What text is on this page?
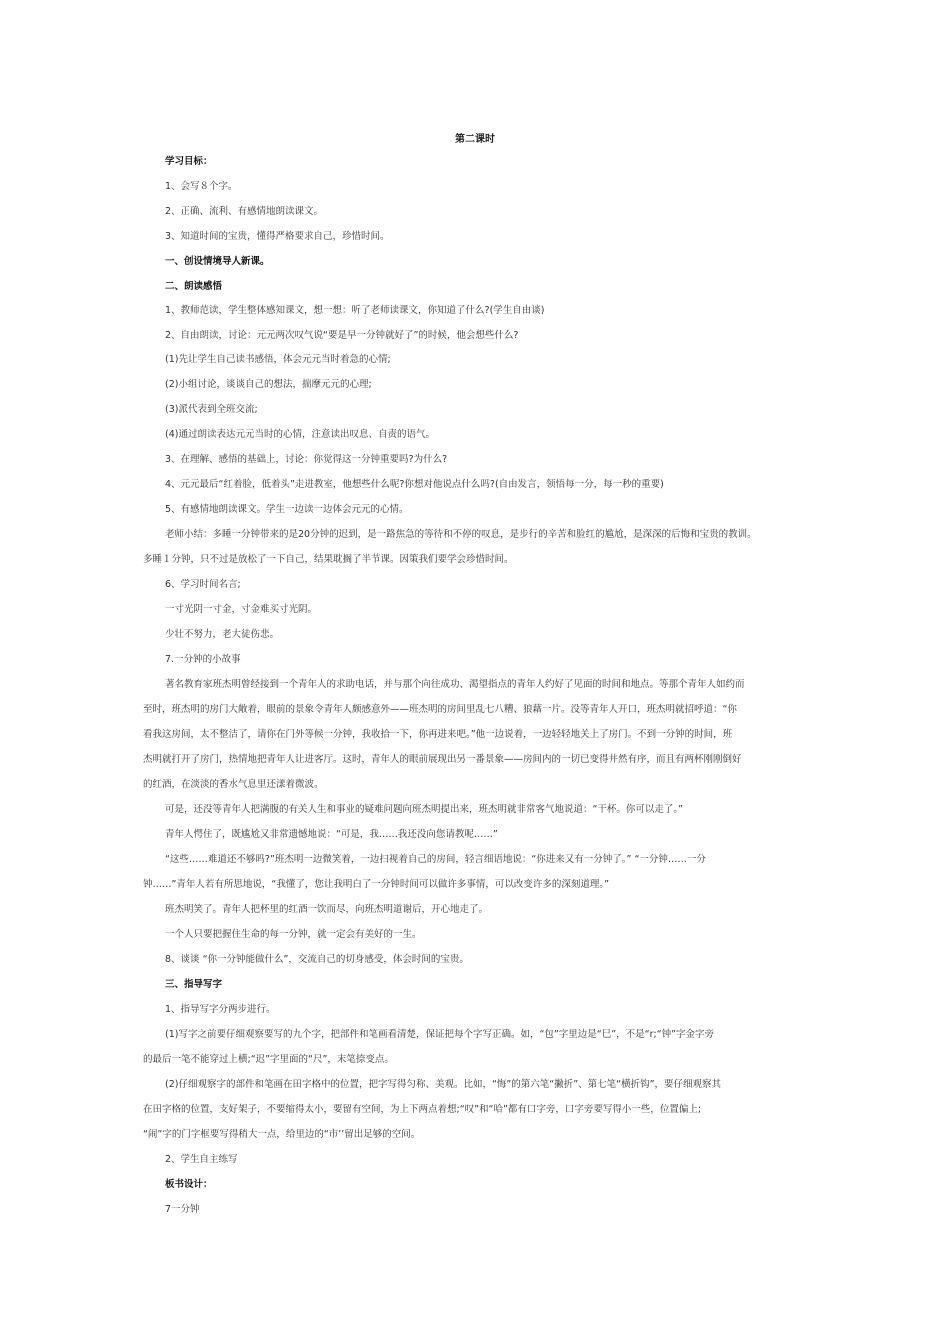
第二课时
学习目标：
1、会写８个字。
2、正确、流利、有感情地朗读课文。
3、知道时间的宝贵，懂得严格要求自己，珍惜时间。
一、创设情境导人新课。
二、朗读感悟
1、教师范读，学生整体感知课文，想一想：听了老师读课文，你知道了什么?(学生自由谈)
2、自由朗读，讨论：元元两次叹气说“要是早一分钟就好了”的时候，他会想些什么?
(1)先让学生自己读书感悟，体会元元当时着急的心情;
(2)小组讨论，谈谈自己的想法，揣摩元元的心理;
(3)派代表到全班交流;
(4)通过朗读表达元元当时的心情，注意读出叹息、自责的语气。
3、在理解、感悟的基础上，讨论：你觉得这一分钟重要吗?为什么?
4、元元最后“红着脸，低着头”走进教室，他想些什么呢?你想对他说点什么吗?(自由发言，领悟每一分，每一秒的重要)
5、有感情地朗读课文。学生一边读一边体会元元的心情。
老师小结：多睡一分钟带来的是20分钟的迟到，是一路焦急的等待和不停的叹息，是步行的辛苦和脸红的尴尬，是深深的后悔和宝贵的教训。
多睡１分钟，只不过是放松了一下自己，结果耽搁了半节课。因策我们要学会珍惜时间。
6、学习时间名言;
一寸光阴一寸金，寸金难买寸光阴。
少壮不努力，老大徒伤悲。
7.一分钟的小故事
著名教育家班杰明曾经接到一个青年人的求助电话，并与那个向往成功、渴望指点的青年人约好了见面的时间和地点。等那个青年人如约而
至时，班杰明的房门大敞着，眼前的景象令青年人颇感意外——班杰明的房间里乱七八糟、狼藉一片。没等青年人开口，班杰明就招呼道：“你
看我这房间，太不整洁了，请你在门外等候一分钟，我收拾一下，你再进来吧。”他一边说着，一边轻轻地关上了房门。不到一分钟的时间，班
杰明就打开了房门，热情地把青年人让进客厅。这时，青年人的眼前展现出另一番景象——房间内的一切已变得井然有序，而且有两杯刚刚倒好
的红酒，在淡淡的香水气息里还漾着微波。
可是，还没等青年人把满腹的有关人生和事业的疑难问题向班杰明提出来，班杰明就非常客气地说道：“干杯。你可以走了。”
青年人愕住了，既尴尬又非常遗憾地说：“可是，我……我还没向您请教呢……”
“这些……难道还不够吗?”班杰明一边微笑着，一边扫视着自己的房间，轻言细语地说：“你进来又有一分钟了。” “一分钟……一分
钟……”青年人若有所思地说，“我懂了，您让我明白了一分钟时间可以做许多事情，可以改变许多的深刻道理。”
班杰明笑了。青年人把杯里的红酒一饮而尽，向班杰明道谢后，开心地走了。
一个人只要把握住生命的每一分钟，就一定会有美好的一生。
8、谈谈 “你一分钟能做什么”，交流自己的切身感受，体会时间的宝贵。
三、指导写字
1、指导写字分两步进行。
(1)写字之前要仔细观察要写的九个字，把部件和笔画看清楚，保证把每个字写正确。如，“包”字里边是“巳”，不是“r;“钟”字金字旁
的最后一笔不能穿过上横;“迟”字里面的“尺”，末笔捺变点。
(2)仔细观察字的部件和笔画在田字格中的位置，把字写得匀称、美观。比如，“悔”的第六笔“撇折”、第七笔“横折钩”，要仔细观察其
在田字格的位置，支好架子，不要缩得太小，要留有空间，为上下两点着想;“叹”和“哈”都有口字旁，口字旁要写得小一些，位置偏上;
“闹”字的门字框要写得稍大一点，给里边的“市’’留出足够的空间。
2、学生自主练写
板书设计：
7一分钟
